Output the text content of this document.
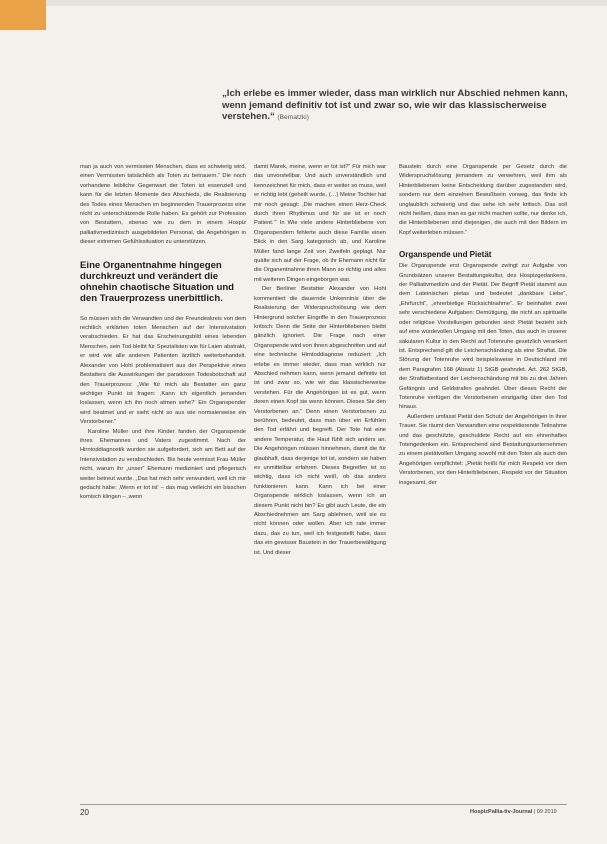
„Ich erlebe es immer wieder, dass man wirklich nur Abschied nehmen kann, wenn jemand definitiv tot ist und zwar so, wie wir das klassischerweise verstehen.“ (Bernatzki)

man ja auch von vermissten Menschen, dass es schwierig wird, einen Vermissten tatsächlich als Toten zu betrauern.“ Die noch vorhandene leibliche Gegenwart der Toten ist essenziell und kann für die letzten Momente des Abschieds, die Realisierung des Todes eines Menschen im beginnenden Trauerprozess eine nicht zu unterschätzende Rolle haben. Es gehört zur Profession von Bestattern, ebenso wie zu dem in einem Hospiz palliativmedizinisch ausgebildeten Personal, die Angehörigen in dieser extremen Gefühlssituation zu unterstützen.

Eine Organentnahme hingegen durchkreuzt und verändert die ohnehin chaotische Situation und den Trauerprozess unerbittlich.

So müssen sich die Verwandten und der Freundeskreis von dem rechtlich erklärten toten Menschen auf der Intensivstation verabschieden. Er hat das Erscheinungsbild eines lebenden Menschen, sein Tod bleibt für Spezialisten wie für Laien abstrakt, er wird wie alle anderen Patienten ärztlich weiterbehandelt. Alexander von Hohl problematisiert aus der Perspektive eines Bestatters die Auswirkungen der paradoxen Todesbotschaft auf den Trauerprozess: „Wie für mich als Bestatter ein ganz wichtiger Punkt ist fragen: ‚Kann ich eigentlich jemanden loslassen, wenn ich ihn noch atmen sehe?‘ Ein Organspender wird beatmet und er sieht nicht so aus wie normalerweise ein Verstorbener.“

Karoline Müller und ihre Kinder fanden der Organspende ihres Ehemannes und Vaters zugestimmt. Nach der Hirntoddiagnostik wurden sie aufgefordert, sich am Bett auf der Intensivstation zu verabschieden. Bis heute vermisst Frau Müller nicht, warum ihr „unser“ Ehemann mediziniert und pflegerisch weiter betreut wurde. „Das hat mich sehr verwundert, weil ich mir gedacht habe: ‚Wenn er tot ist‘ – das mag vielleicht ein bisschen komisch klingen – ‚wenn

damit Marek, meine, wenn er tot ist?“ Für mich war das unvorstellbar. Und auch unverständlich und kennzeichnet für mich, dass er weiter so muss, weil er richtig lebt (geheilt wurde, (…) Meine Tochter hat mir noch gesagt: ‚Die machen einen Herz-Check durch ihren Rhythmus und für sie ist er noch Patient.‘“ In Wie viele andere Hinterbliebene von Organspendern fehlerte auch diese Familie einen Blick in den Sarg kategorisch ab, und Karoline Müller fand lange Zeit von Zweifeln geplagt. Nur quälte sich auf der Frage, ob ihr Ehemann nicht für die Organentnahme ihren Mann so richtig und alles mit weiteren Dingen eingeborgen war.

Der Berliner Bestatter Alexander von Hohl kommentiert die dauernde Unkenntnis über die Realisierung der Widerspruchslösung wie dem Hintergrund solcher Eingriffe in den Trauerprozess kritisch: Denn die Seite der Hinterbliebenen bleibt gänzlich ignoriert. Die Frage nach einer Organspende wird von ihnen abgeschnitten und auf eine technische Hirntoddiagnose reduziert: „Ich erlebe es immer wieder, dass man wirklich nur Abschied nehmen kann, wenn jemand definitiv tot ist und zwar so, wie wir das klassischerweise verstehen. Für die Angehörigen ist es gut, wenn deren einen Kopf sie wenn können. Dieses Sie den Verstorbenen an.“ Denn einen Verstorbenen zu berühren, bedeutet, dass man über ein Erfühlen den Tod erfährt und begreift. Der Tote hat eine andere Temperatur, die Haut fühlt sich anders an. Die Angehörigen müssen hinnehmen, damit die für glaubhaft, dass derjenige tot ist, sondern sie haben es unmittelbar erfahren. Dieses Begreifen ist so wichtig, dass ich nicht weiß, ob das anders funktionieren kann. Kann ich bei einer Organspende wirklich loslassen, wenn ich an diesem Punkt nicht bin? Es gibt auch Leute, die ein Abschiednehmen am Sarg ablehnen, weil sie es nicht können oder wollen. Aber ich rate immer dazu, das zu tun, weil ich festgestellt habe, dass das ein gewisser Baustein in der Trauerbewältigung ist. Und dieser

Baustein durch eine Organspende per Gesetz durch die Widerspruchslösung jemandem zu verwehren, weil ihm als Hinterbliebenen keine Entscheidung darüber zugestanden wird, sondern nur dem einzelnen Bewußtsein vorweg, das finde ich unglaublich schwierig und das sehe ich sehr kritisch. Das soll nicht heißen, dass man es gar nicht machen sollte, nur denke ich, die Hinterbliebenen sind diejenigen, die auch mit den Bildern im Kopf weiterleben müssen.“

Organspende und Pietät

Die Organspende erst Organspende zwingt zur Aufgabe von Grundsätzen unserer Bestattungskultur, des Hospizgedankens, der Palliativmedizin und der Pietät. Der Begriff Pietät stammt aus dem Lateinischen pietas und bedeutet „dankbare Liebe“, „Ehrfurcht“, „ehrerbietige Rücksichtnahme“. Er beinhaltet zwei sehr verschiedene Aufgaben: Demütigung, die nicht an spirituelle oder religiöse Vorstellungen gebunden sind: Pietät bezieht sich auf eine würdevollen Umgang mit den Toten, das auch in unserer säkularen Kultur in den Recht auf Totenruhe gesetzlich verankert ist. Entsprechend gilt die Leichenschändung als eine Straftat. Die Störung der Totenruhe wird beispielsweise in Deutschland mit dem Paragrafen 168 (Absatz 1) StGB geahndet. Art. 262 StGB, der Straftatbestand der Leichenschändung mit bis zu drei Jahren Gefängnis und Geldstrafen geahndet. Über dieses Recht der Totenruhe verfügen die Verstorbenen einzigartig über den Tod hinaus.

Außerdem umfasst Pietät den Schutz der Angehörigen in ihrer Trauer. Sie räumt den Verwandten eine respektierende Teilnahme und das geschützte, geschuldete Recht auf ein ehrenhaftes Totengedenken ein. Entsprechend sind Bestattungsunternehmen zu einem pietätvollen Umgang sowohl mit den Toten als auch den Angehörigen verpflichtet: „Pietät heißt für mich Respekt vor dem Verstorbenen, vor den Hinterbliebenen, Respekt vor der Situation insgesamt, der

20	HospizPallia-tiv-Journal | 09 2019
